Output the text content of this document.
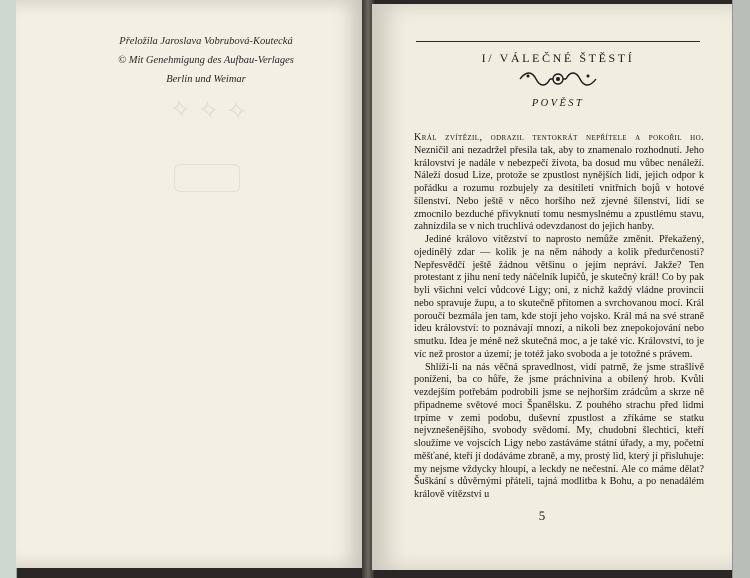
Přeložila Jaroslava Vobrubová-Koutecká
© Mit Genehmigung des Aufbau-Verlages
Berlin und Weimar
✧ ✧ ✧
I/ VÁLEČNÉ ŠTĚSTÍ
POVĚST

Král zvítězil, odrazil tentokrát nepřítele a pokořil ho. Nezničil ani nezadržel přesila tak, aby to znamenalo rozhodnutí. Jeho království je nadále v nebezpečí života, ba dosud mu vůbec nenáleží. Náleží dosud Lize, protože se zpustlost nynějších lidí, jejich odpor k pořádku a rozumu rozbujely za desítiletí vnitřních bojů v hotové šílenství. Nebo ještě v něco horšího než zjevné šílenství, lidí se zmocnilo bezduché přivyknutí tomu nesmyslnému a zpustlému stavu, zahnízdila se v nich truchlivá odevzdanost do jejich hanby.

Jediné královo vítězství to naprosto nemůže změnit. Překažený, ojedinělý zdar — kolik je na něm náhody a kolik předurčenosti? Nepřesvědčí ještě žádnou většinu o jejím nepráví. Jakže? Ten protestant z jihu není tedy náčelník lupičů, je skutečný král! Co by pak byli všichni velcí vůdcové Ligy; oni, z nichž každý vládne provincii nebo spravuje župu, a to skutečně přítomen a svrchovanou mocí. Král poroučí bezmála jen tam, kde stojí jeho vojsko. Král má na své straně ideu království: to poznávají mnozí, a nikoli bez znepokojování nebo smutku. Idea je méně než skutečná moc, a je také víc. Království, to je víc než prostor a území; je totéž jako svoboda a je totožné s právem.

Shlíží-li na nás věčná spravedlnost, vidí patrně, že jsme strašlivě poníženi, ba co hůře, že jsme práchnivina a obílený hrob. Kvůli vezdejším potřebám podrobili jsme se nejhorším zrádcům a skrze ně připadneme světové moci Španělsku. Z pouhého strachu před lidmi trpíme v zemi podobu, duševní zpustlost a zříkáme se statku nejvznešenějšího, svobody svědomí. My, chudobní šlechtici, kteří sloužíme ve vojscích Ligy nebo zastáváme státní úřady, a my, početní měšťané, kteří jí dodáváme zbraně, a my, prostý lid, který jí přisluhuje: my nejsme vždycky hloupí, a leckdy ne nečestní. Ale co máme dělat? Šuškání s důvěrnými přáteli, tajná modlitba k Bohu, a po nenadálém králově vítězství u

5
